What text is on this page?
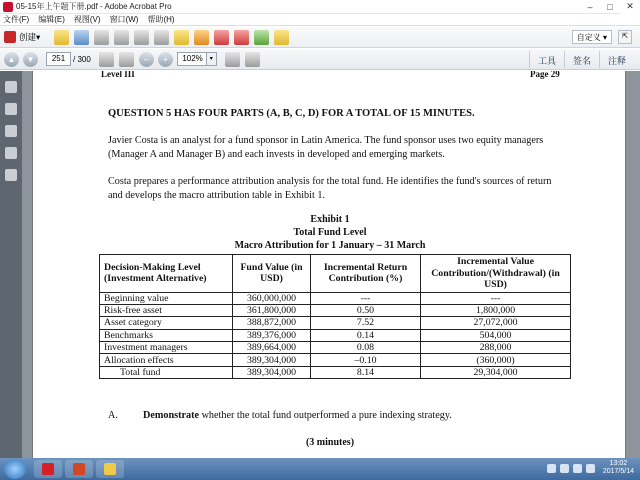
05-15年上午题下册.pdf - Adobe Acrobat Pro	–	□	✕
文件(F) 编辑(E) 视图(V) 窗口(W) 帮助(H)
创建 ▾	自定义 ▾	⇱
▲	▼	251 / 300	–	+	102%	▾	工具	签名	注释
Level III	Page 29
QUESTION 5 HAS FOUR PARTS (A, B, C, D) FOR A TOTAL OF 15 MINUTES.
Javier Costa is an analyst for a fund sponsor in Latin America. The fund sponsor uses two equity managers (Manager A and Manager B) and each invests in developed and emerging markets.
Costa prepares a performance attribution analysis for the total fund. He identifies the fund's sources of return and develops the macro attribution table in Exhibit 1.
Exhibit 1
Total Fund Level
Macro Attribution for 1 January – 31 March
Decision-Making Level (Investment Alternative)	Fund Value (in USD)	Incremental Return Contribution (%)	Incremental Value Contribution/(Withdrawal) (in USD)
Beginning value	360,000,000	---	---
Risk-free asset	361,800,000	0.50	1,800,000
Asset category	388,872,000	7.52	27,072,000
Benchmarks	389,376,000	0.14	504,000
Investment managers	389,664,000	0.08	288,000
Allocation effects	389,304,000	–0.10	(360,000)
Total fund	389,304,000	8.14	29,304,000
A. Demonstrate whether the total fund outperformed a pure indexing strategy.
(3 minutes)
13:02
2017/5/14
